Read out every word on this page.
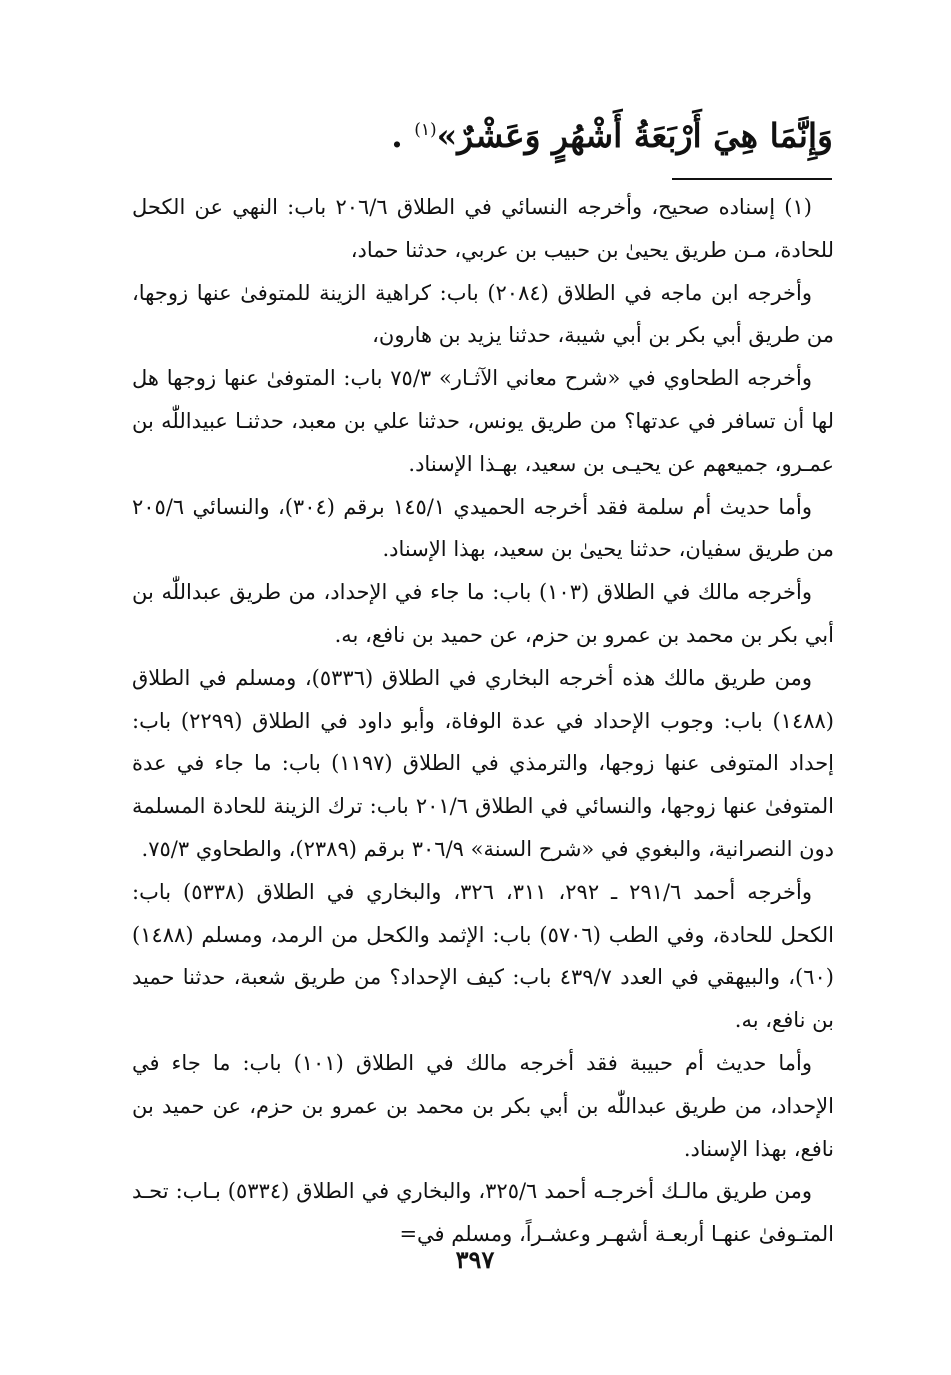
وَإِنَّمَا هِيَ أَرْبَعَةُ أَشْهُرٍ وَعَشْرٌ»$^{(١)}$ .

(١) إسناده صحيح، وأخرجه النسائي في الطلاق ٢٠٦/٦ باب: النهي عن الكحل للحادة، مـن طريق يحيىٰ بن حبيب بن عربي، حدثنا حماد،

وأخرجه ابن ماجه في الطلاق (٢٠٨٤) باب: كراهية الزينة للمتوفىٰ عنها زوجها، من طريق أبي بكر بن أبي شيبة، حدثنا يزيد بن هارون،

وأخرجه الطحاوي في «شرح معاني الآثـار» ٧٥/٣ باب: المتوفىٰ عنها زوجها هل لها أن تسافر في عدتها؟ من طريق يونس، حدثنا علي بن معبد، حدثنـا عبيداللّٰه بن عمـرو، جميعهم عن يحيـى بن سعيد، بهـذا الإسناد.

وأما حديث أم سلمة فقد أخرجه الحميدي ١٤٥/١ برقم (٣٠٤)، والنسائي ٢٠٥/٦ من طريق سفيان، حدثنا يحيىٰ بن سعيد، بهذا الإسناد.

وأخرجه مالك في الطلاق (١٠٣) باب: ما جاء في الإحداد، من طريق عبداللّٰه بن أبي بكر بن محمد بن عمرو بن حزم، عن حميد بن نافع، به.

ومن طريق مالك هذه أخرجه البخاري في الطلاق (٥٣٣٦)، ومسلم في الطلاق (١٤٨٨) باب: وجوب الإحداد في عدة الوفاة، وأبو داود في الطلاق (٢٢٩٩) باب: إحداد المتوفى عنها زوجها، والترمذي في الطلاق (١١٩٧) باب: ما جاء في عدة المتوفىٰ عنها زوجها، والنسائي في الطلاق ٢٠١/٦ باب: ترك الزينة للحادة المسلمة دون النصرانية، والبغوي في «شرح السنة» ٣٠٦/٩ برقم (٢٣٨٩)، والطحاوي ٧٥/٣.

وأخرجه أحمد ٢٩١/٦ ـ ٢٩٢، ٣١١، ٣٢٦، والبخاري في الطلاق (٥٣٣٨) باب: الكحل للحادة، وفي الطب (٥٧٠٦) باب: الإثمد والكحل من الرمد، ومسلم (١٤٨٨) (٦٠)، والبيهقي في العدد ٤٣٩/٧ باب: كيف الإحداد؟ من طريق شعبة، حدثنا حميد بن نافع، به.

وأما حديث أم حبيبة فقد أخرجه مالك في الطلاق (١٠١) باب: ما جاء في الإحداد، من طريق عبداللّٰه بن أبي بكر بن محمد بن عمرو بن حزم، عن حميد بن نافع، بهذا الإسناد.

ومن طريق مالـك أخرجـه أحمد ٣٢٥/٦، والبخاري في الطلاق (٥٣٣٤) بـاب: تحـد المتـوفىٰ عنهـا أربعـة أشهـر وعشـراً، ومسلم في=

٣٩٧
